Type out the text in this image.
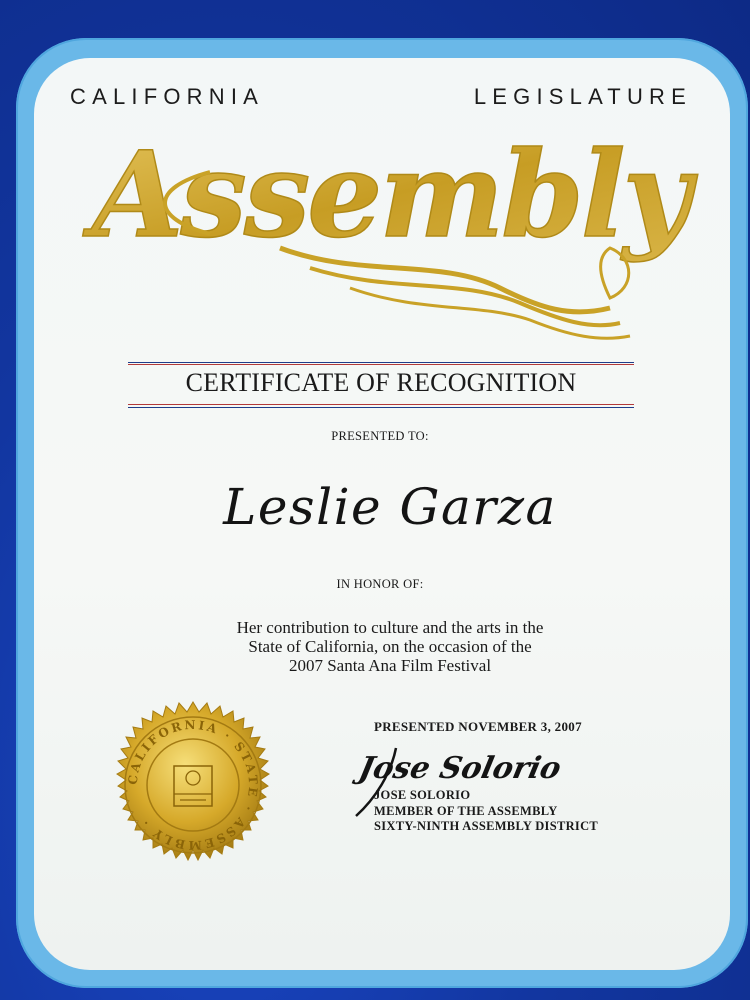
CALIFORNIA	LEGISLATURE
Assembly
CERTIFICATE OF RECOGNITION
PRESENTED TO:
Leslie Garza
IN HONOR OF:
Her contribution to culture and the arts in the
State of California, on the occasion of the
2007 Santa Ana Film Festival
PRESENTED NOVEMBER 3, 2007
Jose Solorio
JOSE SOLORIO
MEMBER OF THE ASSEMBLY
SIXTY-NINTH ASSEMBLY DISTRICT
CALIFORNIA · STATE · ASSEMBLY ·
